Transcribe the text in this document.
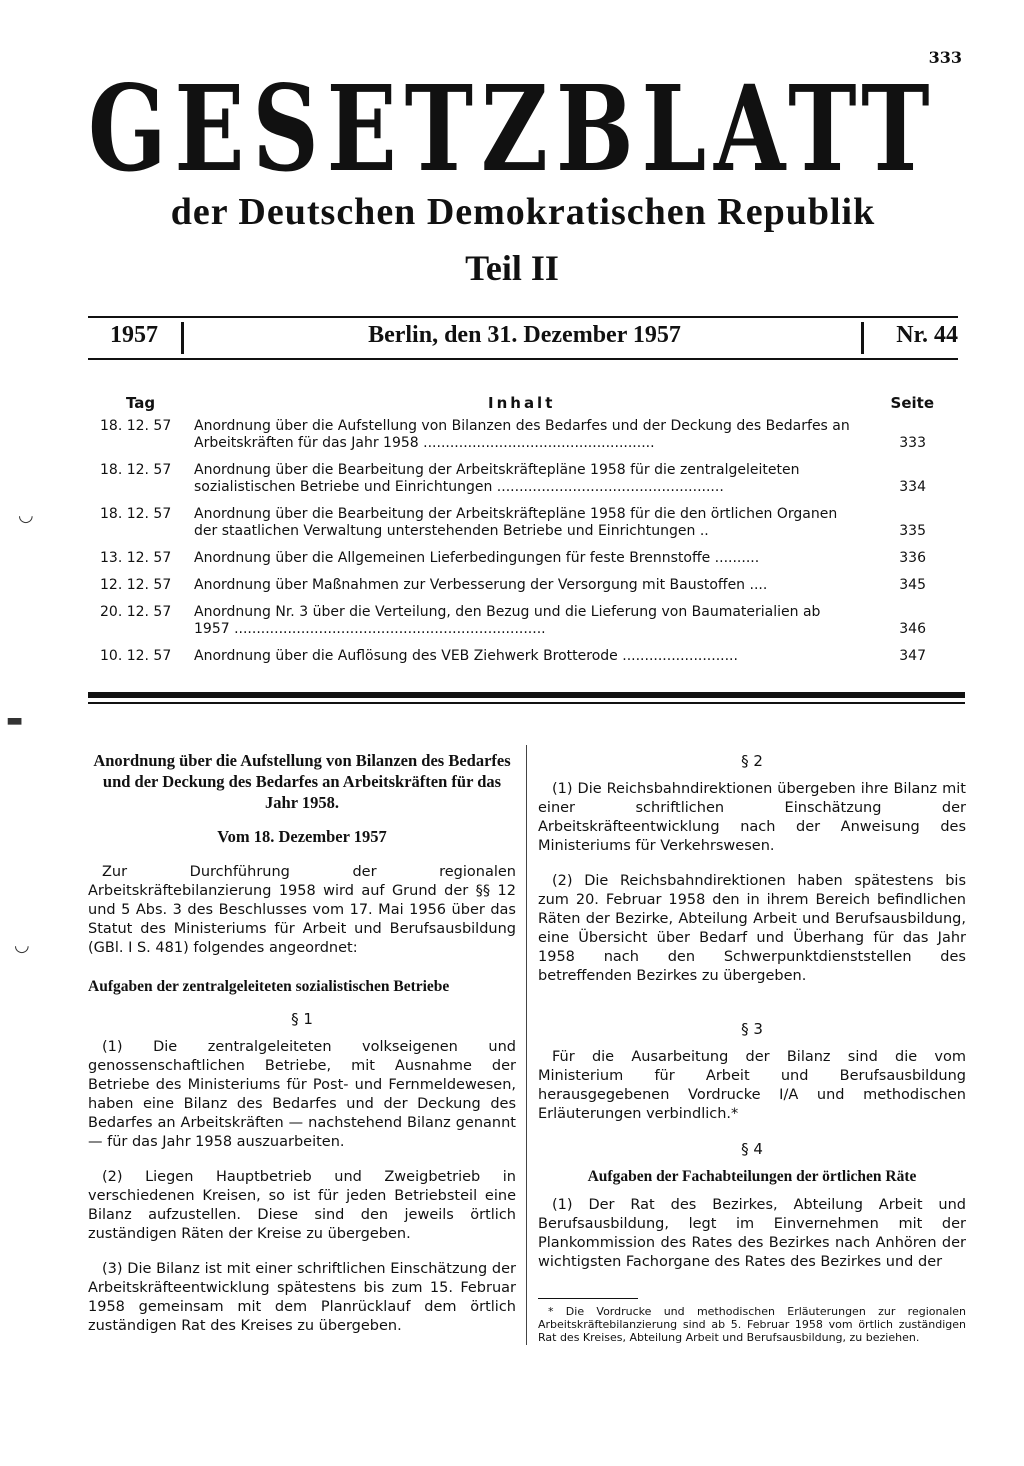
333
GESETZBLATT
der Deutschen Demokratischen Republik
Teil II
1957	Berlin, den 31. Dezember 1957	Nr. 44
Tag	Inhalt	Seite
18. 12. 57	Anordnung über die Aufstellung von Bilanzen des Bedarfes und der Deckung des Bedarfes an Arbeitskräften für das Jahr 1958 ....................................................	333
18. 12. 57	Anordnung über die Bearbeitung der Arbeitskräftepläne 1958 für die zentralgeleiteten sozialistischen Betriebe und Einrichtungen ...................................................	334
18. 12. 57	Anordnung über die Bearbeitung der Arbeitskräftepläne 1958 für die den örtlichen Organen der staatlichen Verwaltung unterstehenden Betriebe und Einrichtungen ..	335
13. 12. 57	Anordnung über die Allgemeinen Lieferbedingungen für feste Brennstoffe ..........	336
12. 12. 57	Anordnung über Maßnahmen zur Verbesserung der Versorgung mit Baustoffen ....	345
20. 12. 57	Anordnung Nr. 3 über die Verteilung, den Bezug und die Lieferung von Baumaterialien ab 1957 ......................................................................	346
10. 12. 57	Anordnung über die Auflösung des VEB Ziehwerk Brotterode ..........................	347
Anordnung über die Aufstellung von Bilanzen des Bedarfes und der Deckung des Bedarfes an Arbeitskräften für das Jahr 1958.
Vom 18. Dezember 1957

Zur Durchführung der regionalen Arbeitskräftebilanzierung 1958 wird auf Grund der §§ 12 und 5 Abs. 3 des Beschlusses vom 17. Mai 1956 über das Statut des Ministeriums für Arbeit und Berufsausbildung (GBl. I S. 481) folgendes angeordnet:

Aufgaben der zentralgeleiteten sozialistischen Betriebe
§ 1

(1) Die zentralgeleiteten volkseigenen und genossenschaftlichen Betriebe, mit Ausnahme der Betriebe des Ministeriums für Post- und Fernmeldewesen, haben eine Bilanz des Bedarfes und der Deckung des Bedarfes an Arbeitskräften — nachstehend Bilanz genannt — für das Jahr 1958 auszuarbeiten.

(2) Liegen Hauptbetrieb und Zweigbetrieb in verschiedenen Kreisen, so ist für jeden Betriebsteil eine Bilanz aufzustellen. Diese sind den jeweils örtlich zuständigen Räten der Kreise zu übergeben.

(3) Die Bilanz ist mit einer schriftlichen Einschätzung der Arbeitskräfteentwicklung spätestens bis zum 15. Februar 1958 gemeinsam mit dem Planrücklauf dem örtlich zuständigen Rat des Kreises zu übergeben.

§ 2

(1) Die Reichsbahndirektionen übergeben ihre Bilanz mit einer schriftlichen Einschätzung der Arbeitskräfteentwicklung nach der Anweisung des Ministeriums für Verkehrswesen.

(2) Die Reichsbahndirektionen haben spätestens bis zum 20. Februar 1958 den in ihrem Bereich befindlichen Räten der Bezirke, Abteilung Arbeit und Berufsausbildung, eine Übersicht über Bedarf und Überhang für das Jahr 1958 nach den Schwerpunktdienststellen des betreffenden Bezirkes zu übergeben.

§ 3

Für die Ausarbeitung der Bilanz sind die vom Ministerium für Arbeit und Berufsausbildung herausgegebenen Vordrucke I/A und methodischen Erläuterungen verbindlich.*

§ 4
Aufgaben der Fachabteilungen der örtlichen Räte

(1) Der Rat des Bezirkes, Abteilung Arbeit und Berufsausbildung, legt im Einvernehmen mit der Plankommission des Rates des Bezirkes nach Anhören der wichtigsten Fachorgane des Rates des Bezirkes und der

* Die Vordrucke und methodischen Erläuterungen zur regionalen Arbeitskräftebilanzierung sind ab 5. Februar 1958 vom örtlich zuständigen Rat des Kreises, Abteilung Arbeit und Berufsausbildung, zu beziehen.

▬
◡
◡
